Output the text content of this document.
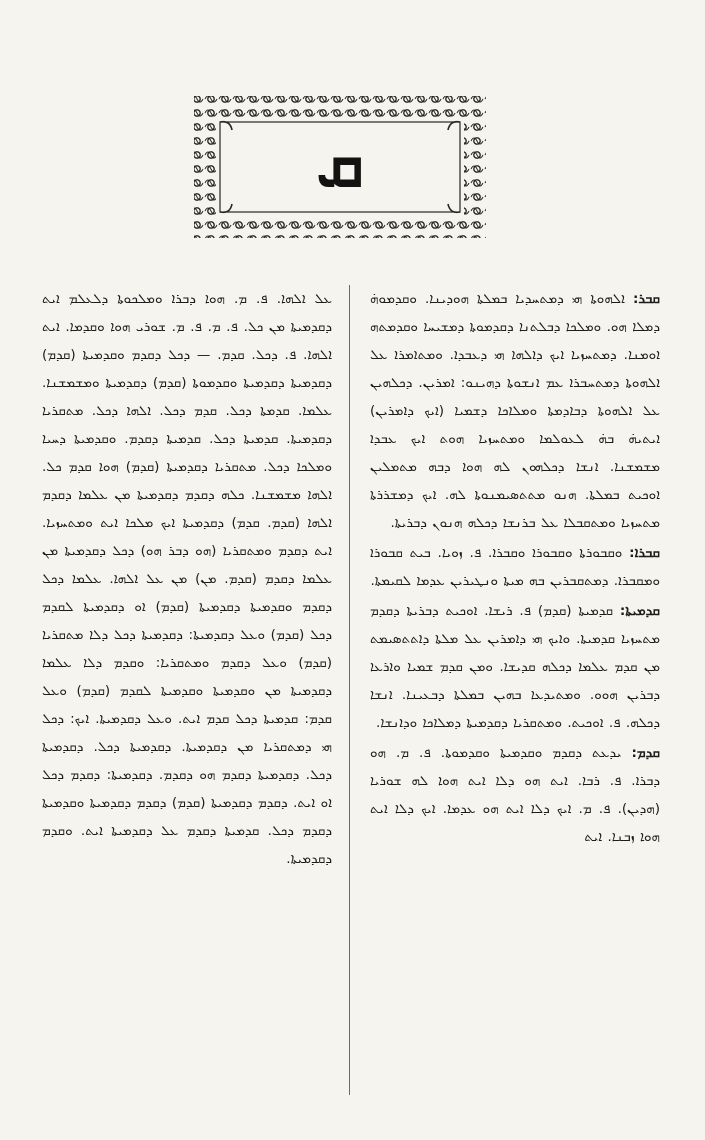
ܩ

ܩܒܪ: ܐܠܗܘܬܐ ܗܝ ܕܡܬܚܕܝܐ ܒܡܠܬܐ ܗܘܕܝܢܐ. ܘܩܕܡܘܗ̇ ܕܡܠܐ ܗܘ. ܘܡܠܟܐ ܕܒܠܬܢܐ ܕܩܕܡܘܬܐ ܕܡܫܝܚܐ ܘܩܕܡܬܗ ܐܘܡܢܐ. ܕܡܬܚܙܝܐ ܐܝܟ ܕܐܠܗܐ ܗܝ ܕܥܒܕܐ. ܘܡܬܐܡܪܐ ܥܠ ܐܠܗܘܬܐ ܕܡܬܚܒܪܐ ܥܡ ܐܢܫܘܬܐ ܕܗܝܢܘ: ܐܡܪܝܢ. ܕܟܠܗܝܢ ܥܠ ܐܠܗܘܬܐ ܕܒܐܕܡܬܐ ܘܡܠܐܟܐ ܕܫܡܝܐ (ܐܝܟ ܕܐܡܪܝܢ) ܐܝܬܝܗ̇ ܒܗ̇ ܠܥܘܠܡܐ ܘܡܬܚܙܝܐ ܗܘܬ ܐܝܟ ܥܒܕܐ ܡܫܡܫܢܐ. ܐܢܫܐ ܕܟܠܗܘܢ ܠܗ ܗܘܐ ܕܒܗ ܡܬܡܠܝܢ ܐܘܟܝܬ ܒܡܠܬܐ. ܗܢܘ ܡܬܬܣܝܡܢܘܬܐ ܠܗ. ܐܝܟ ܕܡܫܪܪܬܐ ܡܬܚܙܝܐ ܘܡܬܩܒܠܐ ܥܠ ܒܪܢܫܐ ܕܟܠܗ ܗܢܘܢ ܕܒܪܝܬܐ.

ܩܒܪܐ: ܘܩܒܘܪܬܐ ܘܩܒܘܪܐ ܘܩܒܪܐ. ܦ. ܙܘܝܐ. ܒܝܬ ܩܒܘܪܐ ܘܡܩܒܪܐ. ܕܡܬܩܒܪܝܢ ܒܗ ܡܝܬܐ ܘܢܛܝܪܝܢ ܥܕܡܐ ܠܩܝܡܬܐ.

ܩܕܡܝܬܐ: ܩܕܡܝܬܐ (ܩܕܡ) ܦ. ܪܝܫܐ. ܐܘܟܝܬ ܕܒܪܝܬܐ ܕܩܕܡ ܡܬܚܙܝܐ ܩܕܡܝܬܐ. ܘܐܝܟ ܗܝ ܕܐܡܪܝܢ ܥܠ ܡܠܬܐ ܕܐܬܬܣܝܡܬ ܡܢ ܩܕܡ ܥܠܡܐ ܕܟܠܗ ܩܕܝܫܐ. ܘܡܢ ܩܕܡ ܫܡܝܐ ܘܐܪܥܐ ܕܒܪܝܢ ܗܘܘ. ܘܡܬܝܕܥܐ ܒܗܝܢ ܒܡܠܬܐ ܕܒܥܝܢܐ. ܐܢܫܐ ܕܟܠܗ. ܦ. ܐܘܟܝܬ. ܘܡܬܩܪܝܐ ܕܩܕܡܝܬܐ ܕܡܠܐܟܐ ܘܕܐܢܫܐ.

ܩܕܡ: ܝܕܥܬ ܕܩܕܡ ܘܩܕܡܝܬܐ ܘܩܕܡܘܬܐ. ܦ. ܡ. ܗܘ ܕܒܪܐ. ܦ. ܪܒܐ. ܐܝܬ ܗܘ ܕܠܐ ܐܝܬ ܗܘܐ ܠܗ ܫܘܪܝܐ (ܗܕܝܢ). ܦ. ܡ. ܐܝܟ ܕܠܐ ܐܝܬ ܗܘ ܥܕܡܐ. ܐܝܟ ܕܠܐ ܐܝܬ ܗܘܐ ܙܒܢܐ. ܐܝܬ

ܥܠ ܐܠܗܐ. ܦ. ܡ. ܗܘܐ ܕܒܪܐ ܘܡܠܟܘܬܐ ܕܠܥܠܡ ܐܝܬ ܕܩܕܡܝܬܐ ܡܢ ܟܠ. ܦ. ܡ. ܦ. ܡ. ܫܘܪܝ ܗܘܐ ܘܩܕܡܐ. ܐܝܬ ܐܠܗܐ. ܦ. ܕܟܠ. ܩܕܡ. — ܕܟܠ ܕܩܕܡ ܘܩܕܡܝܬܐ (ܩܕܡ) ܕܩܕܡܝܬܐ ܕܩܕܡܝܬܐ ܘܩܕܡܘܬܐ (ܩܕܡ) ܕܩܕܡܝܬܐ ܘܡܫܡܫܢܐ. ܥܠܡܐ. ܩܕܡܬܐ ܕܟܠ. ܩܕܡ ܕܟܠ. ܐܠܗܐ ܕܟܠ. ܡܬܩܪܝܐ ܕܩܕܡܝܬܐ. ܩܕܡܝܬܐ ܕܟܠ. ܩܕܡܝܬܐ ܕܩܕܡ. ܘܩܕܡܝܬܐ ܕܚܝܐ ܘܡܠܟܐ ܕܟܠ. ܡܬܩܪܝܐ ܕܩܕܡܝܬܐ (ܩܕܡ) ܗܘܐ ܩܕܡ ܟܠ. ܐܠܗܐ ܡܫܡܫܢܐ. ܟܠܗ ܕܩܕܡ ܕܩܕܡܝܬܐ ܡܢ ܥܠܡܐ ܕܩܕܡ ܐܠܗܐ (ܩܕܡ. ܩܕܡ) ܕܩܕܡܝܬܐ ܐܝܟ ܡܠܟܐ ܐܝܬ ܘܡܬܚܙܝܐ. ܐܝܬ ܕܩܕܡ ܘܡܬܩܪܝܐ (ܗܘ ܕܒܪ ܗܘ) ܕܟܠ ܕܩܕܡܝܬܐ ܡܢ ܥܠܡܐ ܕܩܕܡ (ܩܕܡ. ܡܢ) ܡܢ ܥܠ ܐܠܗܐ. ܥܠܡܐ ܕܟܠ ܕܩܕܡ ܘܩܕܡܝܬܐ ܕܩܕܡܝܬܐ (ܩܕܡ) ܐܘ ܕܩܕܡܝܬܐ ܠܩܕܡ ܕܟܠ (ܩܕܡ) ܘܥܠ ܕܩܕܡܝܬܐ: ܕܩܕܡܝܬܐ ܕܟܠ ܕܠܐ ܡܬܩܪܝܐ (ܩܕܡ) ܘܥܠ ܕܩܕܡ ܘܡܬܩܪܝܐ: ܘܩܕܡ ܕܠܐ ܥܠܡܐ ܕܩܕܡܝܬܐ ܡܢ ܘܩܕܡܝܬܐ ܘܩܕܡܝܬܐ ܠܩܕܡ (ܩܕܡ) ܘܥܠ ܩܕܡ: ܩܕܡܝܬܐ ܕܟܠ ܩܕܡ ܐܝܬ. ܘܥܠ ܕܩܕܡܝܬܐ. ܐܝܟ: ܕܟܠ ܗܝ ܕܡܬܩܪܝܐ ܡܢ ܕܩܕܡܝܬܐ. ܕܩܕܡܝܬܐ ܕܟܠ. ܕܩܕܡܝܬܐ ܕܟܠ. ܕܩܕܡܝܬܐ ܕܩܕܡ ܗܘ ܕܩܕܡ. ܕܩܕܡܝܬܐ: ܕܩܕܡ ܕܟܠ ܐܘ ܐܝܬ. ܕܩܕܡ ܕܩܕܡܝܬܐ (ܩܕܡ) ܕܩܕܡ ܕܩܕܡܝܬܐ ܘܩܕܡܝܬܐ ܕܩܕܡ ܕܟܠ. ܩܕܡܝܬܐ ܕܩܕܡ ܥܠ ܕܩܕܡܝܬܐ ܐܝܬ. ܘܩܕܡ ܕܩܕܡܝܬܐ.
